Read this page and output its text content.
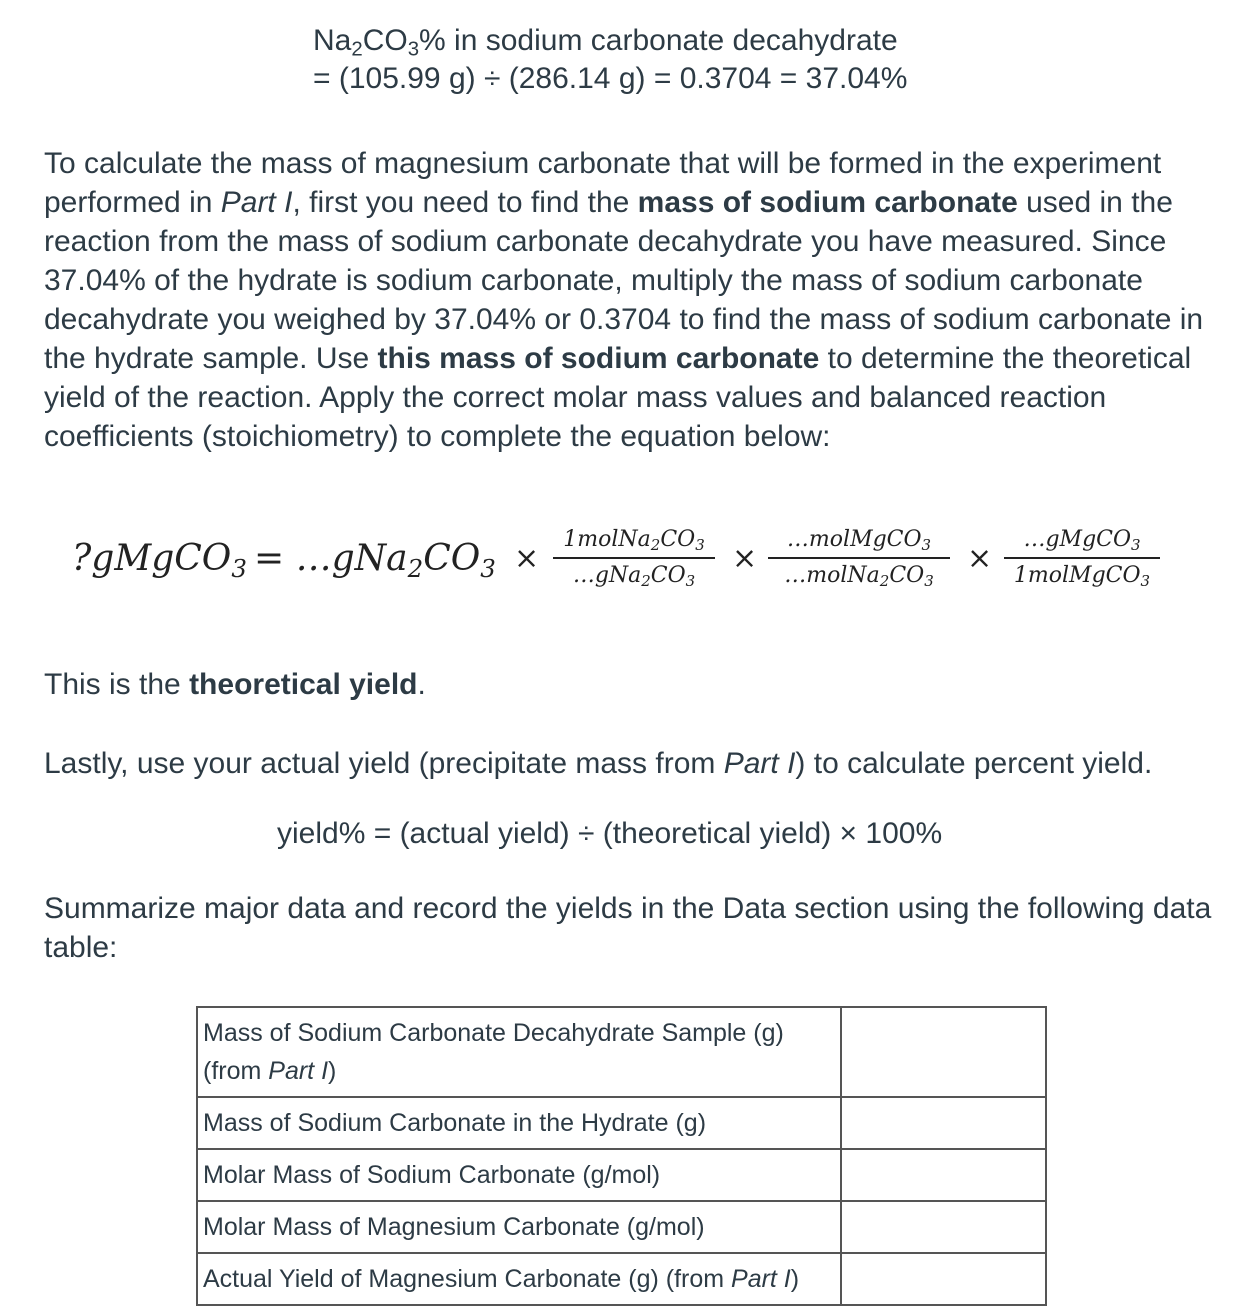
$Na_2CO_3\%$ in sodium carbonate decahydrate
= (105.99 g) ÷ (286.14 g) = 0.3704 = 37.04%

To calculate the mass of magnesium carbonate that will be formed in the experiment performed in Part I, first you need to find the mass of sodium carbonate used in the reaction from the mass of sodium carbonate decahydrate you have measured. Since 37.04% of the hydrate is sodium carbonate, multiply the mass of sodium carbonate decahydrate you weighed by 37.04% or 0.3704 to find the mass of sodium carbonate in the hydrate sample. Use this mass of sodium carbonate to determine the theoretical yield of the reaction. Apply the correct molar mass values and balanced reaction coefficients (stoichiometry) to complete the equation below:

?gMgCO$_3$ = $\dots gNa_2CO_3$ ×
$1molNa_2CO_3$
$\dots gNa_2CO_3$
×
…molMgCO$_3$
$\dots molNa_2CO_3$
×
…gMgCO$_3$
1molMgCO$_3$

This is the theoretical yield.

Lastly, use your actual yield (precipitate mass from Part I) to calculate percent yield.

yield% = (actual yield) ÷ (theoretical yield) × 100%

Summarize major data and record the yields in the Data section using the following data table:

Mass of Sodium Carbonate Decahydrate Sample (g) (from Part I)	
Mass of Sodium Carbonate in the Hydrate (g)	
Molar Mass of Sodium Carbonate (g/mol)	
Molar Mass of Magnesium Carbonate (g/mol)	
Actual Yield of Magnesium Carbonate (g) (from Part I)	
